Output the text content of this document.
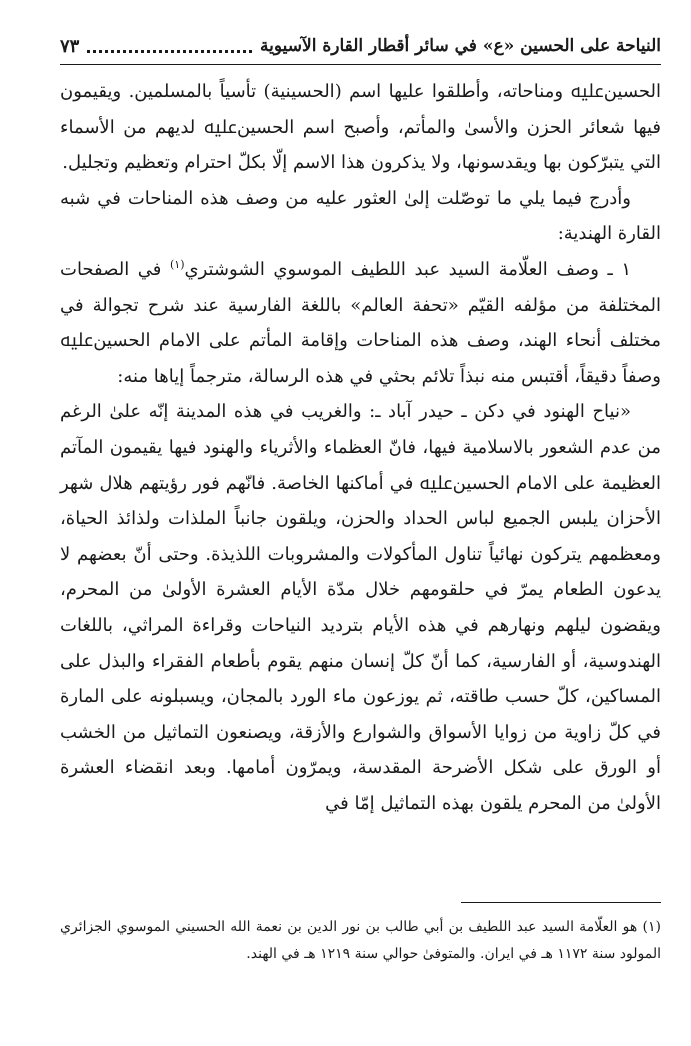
النياحة على الحسين «ع» في سائر أقطار القارة الآسيوية
٧٣

الحسينﷷ ومناحاته، وأطلقوا عليها اسم (الحسينية) تأسياً بالمسلمين. ويقيمون فيها شعائر الحزن والأسىٰ والمأتم، وأصبح اسم الحسينﷷ لديهم من الأسماء التي يتبرّكون بها ويقدسونها، ولا يذكرون هذا الاسم إلّا بكلّ احترام وتعظيم وتجليل.

وأدرج فيما يلي ما توصّلت إلىٰ العثور عليه من وصف هذه المناحات في شبه القارة الهندية:

١ ـ وصف العلّامة السيد عبد اللطيف الموسوي الشوشتري$^{(١)}$ في الصفحات المختلفة من مؤلفه القيّم «تحفة العالم» باللغة الفارسية عند شرح تجوالة في مختلف أنحاء الهند، وصف هذه المناحات وإقامة المأتم على الامام الحسينﷷ وصفاً دقيقاً، أقتبس منه نبذاً تلائم بحثي في هذه الرسالة، مترجماً إياها منه:

«نياح الهنود في دكن ـ حيدر آباد ـ: والغريب في هذه المدينة إنّه علىٰ الرغم من عدم الشعور بالاسلامية فيها، فانّ العظماء والأثرياء والهنود فيها يقيمون المآتم العظيمة على الامام الحسينﷷ في أماكنها الخاصة. فانّهم فور رؤيتهم هلال شهر الأحزان يلبس الجميع لباس الحداد والحزن، ويلقون جانباً الملذات ولذائذ الحياة، ومعظمهم يتركون نهائياً تناول المأكولات والمشروبات اللذيذة. وحتى أنّ بعضهم لا يدعون الطعام يمرّ في حلقومهم خلال مدّة الأيام العشرة الأولىٰ من المحرم، ويقضون ليلهم ونهارهم في هذه الأيام بترديد النياحات وقراءة المراثي، باللغات الهندوسية، أو الفارسية، كما أنّ كلّ إنسان منهم يقوم بأطعام الفقراء والبذل على المساكين، كلّ حسب طاقته، ثم يوزعون ماء الورد بالمجان، ويسبلونه على المارة في كلّ زاوية من زوايا الأسواق والشوارع والأزقة، ويصنعون التماثيل من الخشب أو الورق على شكل الأضرحة المقدسة، ويمرّون أمامها. وبعد انقضاء العشرة الأولىٰ من المحرم يلقون بهذه التماثيل إمّا في

(١) هو العلّامة السيد عبد اللطيف بن أبي طالب بن نور الدين بن نعمة الله الحسيني الموسوي الجزائري المولود سنة ١١٧٢ هـ في ايران. والمتوفىٰ حوالي سنة ١٢١٩ هـ في الهند.
